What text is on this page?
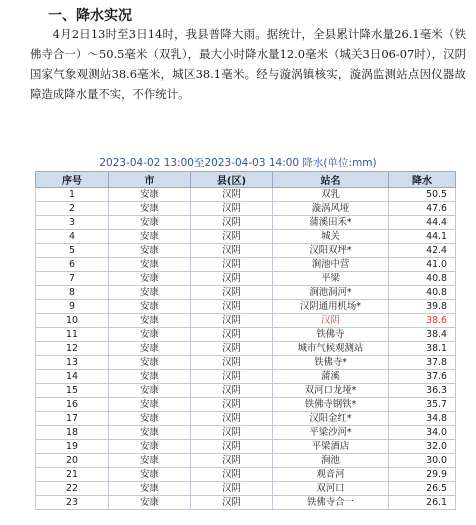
一、降水实况

4月2日13时至3日14时，我县普降大雨。据统计，全县累计降水量26.1毫米（铁佛寺合一）～50.5毫米（双乳），最大小时降水量12.0毫米（城关3日06-07时），汉阴国家气象观测站38.6毫米，城区38.1毫米。经与漩涡镇核实，漩涡监测站点因仪器故障造成降水量不实，不作统计。

2023-04-02 13:00至2023-04-03 14:00 降水(单位:mm)
序号	市	县(区)	站名	降水
1	安康	汉阴	双乳	50.5
2	安康	汉阴	漩涡风垭	47.6
3	安康	汉阴	蒲溪田禾*	44.4
4	安康	汉阴	城关	44.1
5	安康	汉阴	汉阳双坪*	42.4
6	安康	汉阴	涧池中营	41.0
7	安康	汉阴	平梁	40.8
8	安康	汉阴	涧池洞河*	40.8
9	安康	汉阴	汉阴通用机场*	39.8
10	安康	汉阴	汉阴	38.6
11	安康	汉阴	铁佛寺	38.4
12	安康	汉阴	城市气候观测站	38.1
13	安康	汉阴	铁佛寺*	37.8
14	安康	汉阴	蒲溪	37.6
15	安康	汉阴	双河口龙垭*	36.3
16	安康	汉阴	铁佛寺钢铁*	35.7
17	安康	汉阴	汉阳金红*	34.8
18	安康	汉阴	平梁沙河*	34.0
19	安康	汉阴	平梁酒店	32.0
20	安康	汉阴	涧池	30.0
21	安康	汉阴	观音河	29.9
22	安康	汉阴	双河口	26.5
23	安康	汉阴	铁佛寺合一	26.1
